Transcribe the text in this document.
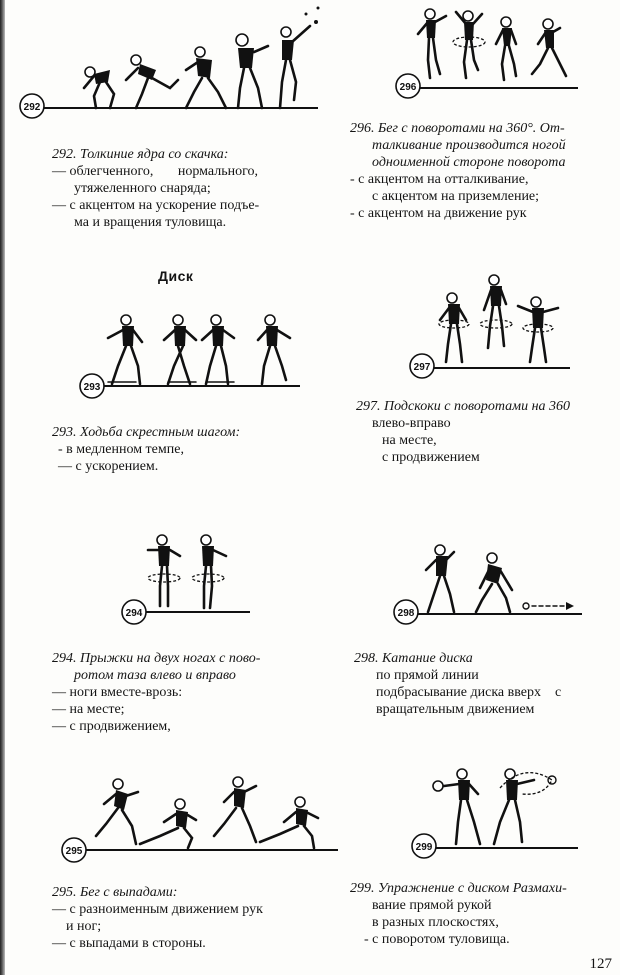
292
296
292. Толкиние ядра со скачка:
— облегченного,       нормального,
утяжеленного снаряда;
— с акцентом на ускорение подъе-
ма и вращения туловища.
296. Бег с поворотами на 360°. От-
талкивание производится ногой
одноименной стороне поворота
- с акцентом на отталкивание,
с акцентом на приземление;
- с акцентом на движение рук
Диск
293
297
293. Ходьба скрестным шагом:
- в медленном темпе,
— с ускорением.
297. Подскоки с поворотами на 360
влево-вправо
на месте,
с продвижением
294	298
294. Прыжки на двух ногах с пово-
ротом таза влево и вправо
— ноги вместе-врозь:
— на месте;
— с продвижением,
298. Катание диска
по прямой линии
подбрасывание диска вверх    с
вращательным движением
295	299
295. Бег с выпадами:
— с разноименным движением рук
и ног;
— с выпадами в стороны.
299. Упражнение с диском Размахи-
вание прямой рукой
в разных плоскостях,
- с поворотом туловища.
127
